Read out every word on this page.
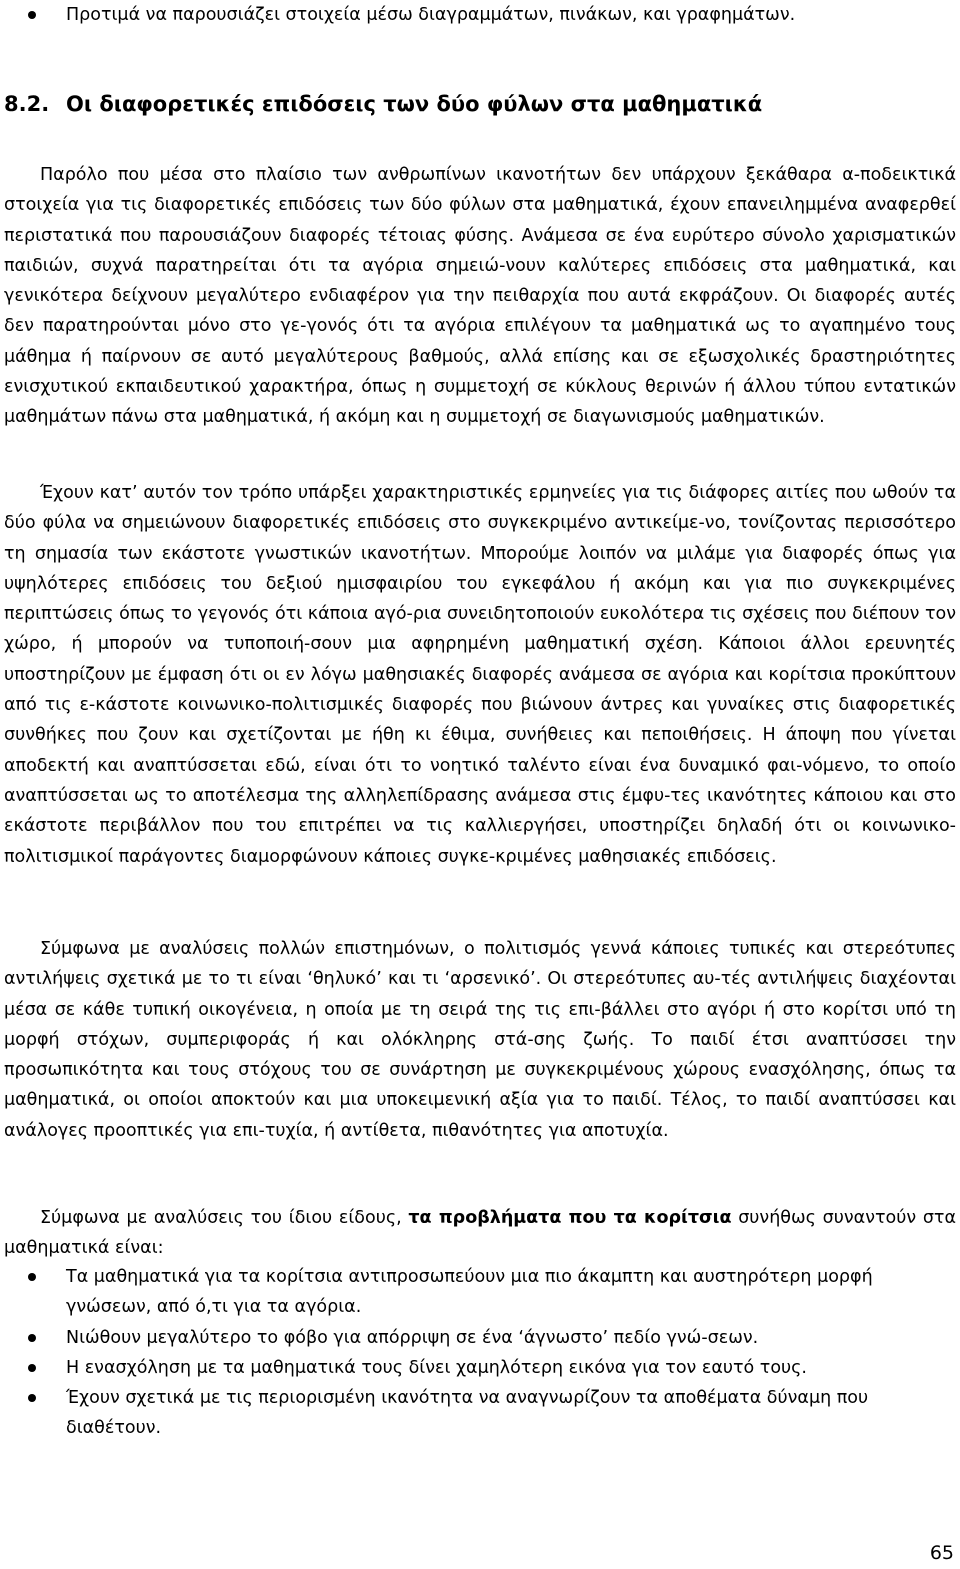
Προτιμά να παρουσιάζει στοιχεία μέσω διαγραμμάτων, πινάκων, και γραφημάτων.
8.2. Οι διαφορετικές επιδόσεις των δύο φύλων στα μαθηματικά

Παρόλο που μέσα στο πλαίσιο των ανθρωπίνων ικανοτήτων δεν υπάρχουν ξεκάθαρα α-ποδεικτικά στοιχεία για τις διαφορετικές επιδόσεις των δύο φύλων στα μαθηματικά, έχουν επανειλημμένα αναφερθεί περιστατικά που παρουσιάζουν διαφορές τέτοιας φύσης. Ανάμεσα σε ένα ευρύτερο σύνολο χαρισματικών παιδιών, συχνά παρατηρείται ότι τα αγόρια σημειώ-νουν καλύτερες επιδόσεις στα μαθηματικά, και γενικότερα δείχνουν μεγαλύτερο ενδιαφέρον για την πειθαρχία που αυτά εκφράζουν. Οι διαφορές αυτές δεν παρατηρούνται μόνο στο γε-γονός ότι τα αγόρια επιλέγουν τα μαθηματικά ως το αγαπημένο τους μάθημα ή παίρνουν σε αυτό μεγαλύτερους βαθμούς, αλλά επίσης και σε εξωσχολικές δραστηριότητες ενισχυτικού εκπαιδευτικού χαρακτήρα, όπως η συμμετοχή σε κύκλους θερινών ή άλλου τύπου εντατικών μαθημάτων πάνω στα μαθηματικά, ή ακόμη και η συμμετοχή σε διαγωνισμούς μαθηματικών.

Έχουν κατ’ αυτόν τον τρόπο υπάρξει χαρακτηριστικές ερμηνείες για τις διάφορες αιτίες που ωθούν τα δύο φύλα να σημειώνουν διαφορετικές επιδόσεις στο συγκεκριμένο αντικείμε-νο, τονίζοντας περισσότερο τη σημασία των εκάστοτε γνωστικών ικανοτήτων. Μπορούμε λοιπόν να μιλάμε για διαφορές όπως για υψηλότερες επιδόσεις του δεξιού ημισφαιρίου του εγκεφάλου ή ακόμη και για πιο συγκεκριμένες περιπτώσεις όπως το γεγονός ότι κάποια αγό-ρια συνειδητοποιούν ευκολότερα τις σχέσεις που διέπουν τον χώρο, ή μπορούν να τυποποιή-σουν μια αφηρημένη μαθηματική σχέση. Κάποιοι άλλοι ερευνητές υποστηρίζουν με έμφαση ότι οι εν λόγω μαθησιακές διαφορές ανάμεσα σε αγόρια και κορίτσια προκύπτουν από τις ε-κάστοτε κοινωνικο-πολιτισμικές διαφορές που βιώνουν άντρες και γυναίκες στις διαφορετικές συνθήκες που ζουν και σχετίζονται με ήθη κι έθιμα, συνήθειες και πεποιθήσεις. Η άποψη που γίνεται αποδεκτή και αναπτύσσεται εδώ, είναι ότι το νοητικό ταλέντο είναι ένα δυναμικό φαι-νόμενο, το οποίο αναπτύσσεται ως το αποτέλεσμα της αλληλεπίδρασης ανάμεσα στις έμφυ-τες ικανότητες κάποιου και στο εκάστοτε περιβάλλον που του επιτρέπει να τις καλλιεργήσει, υποστηρίζει δηλαδή ότι οι κοινωνικο-πολιτισμικοί παράγοντες διαμορφώνουν κάποιες συγκε-κριμένες μαθησιακές επιδόσεις.

Σύμφωνα με αναλύσεις πολλών επιστημόνων, ο πολιτισμός γεννά κάποιες τυπικές και στερεότυπες αντιλήψεις σχετικά με το τι είναι ‘θηλυκό’ και τι ‘αρσενικό’. Οι στερεότυπες αυ-τές αντιλήψεις διαχέονται μέσα σε κάθε τυπική οικογένεια, η οποία με τη σειρά της τις επι-βάλλει στο αγόρι ή στο κορίτσι υπό τη μορφή στόχων, συμπεριφοράς ή και ολόκληρης στά-σης ζωής. Το παιδί έτσι αναπτύσσει την προσωπικότητα και τους στόχους του σε συνάρτηση με συγκεκριμένους χώρους ενασχόλησης, όπως τα μαθηματικά, οι οποίοι αποκτούν και μια υποκειμενική αξία για το παιδί. Τέλος, το παιδί αναπτύσσει και ανάλογες προοπτικές για επι-τυχία, ή αντίθετα, πιθανότητες για αποτυχία.

Σύμφωνα με αναλύσεις του ίδιου είδους, τα προβλήματα που τα κορίτσια συνήθως συναντούν στα μαθηματικά είναι:

Τα μαθηματικά για τα κορίτσια αντιπροσωπεύουν μια πιο άκαμπτη και αυστηρότερη μορφή γνώσεων, από ό,τι για τα αγόρια.
Νιώθουν μεγαλύτερο το φόβο για απόρριψη σε ένα ‘άγνωστο’ πεδίο γνώ-σεων.
Η ενασχόληση με τα μαθηματικά τους δίνει χαμηλότερη εικόνα για τον εαυτό τους.
Έχουν σχετικά με τις περιορισμένη ικανότητα να αναγνωρίζουν τα αποθέματα δύναμη που διαθέτουν.
65
